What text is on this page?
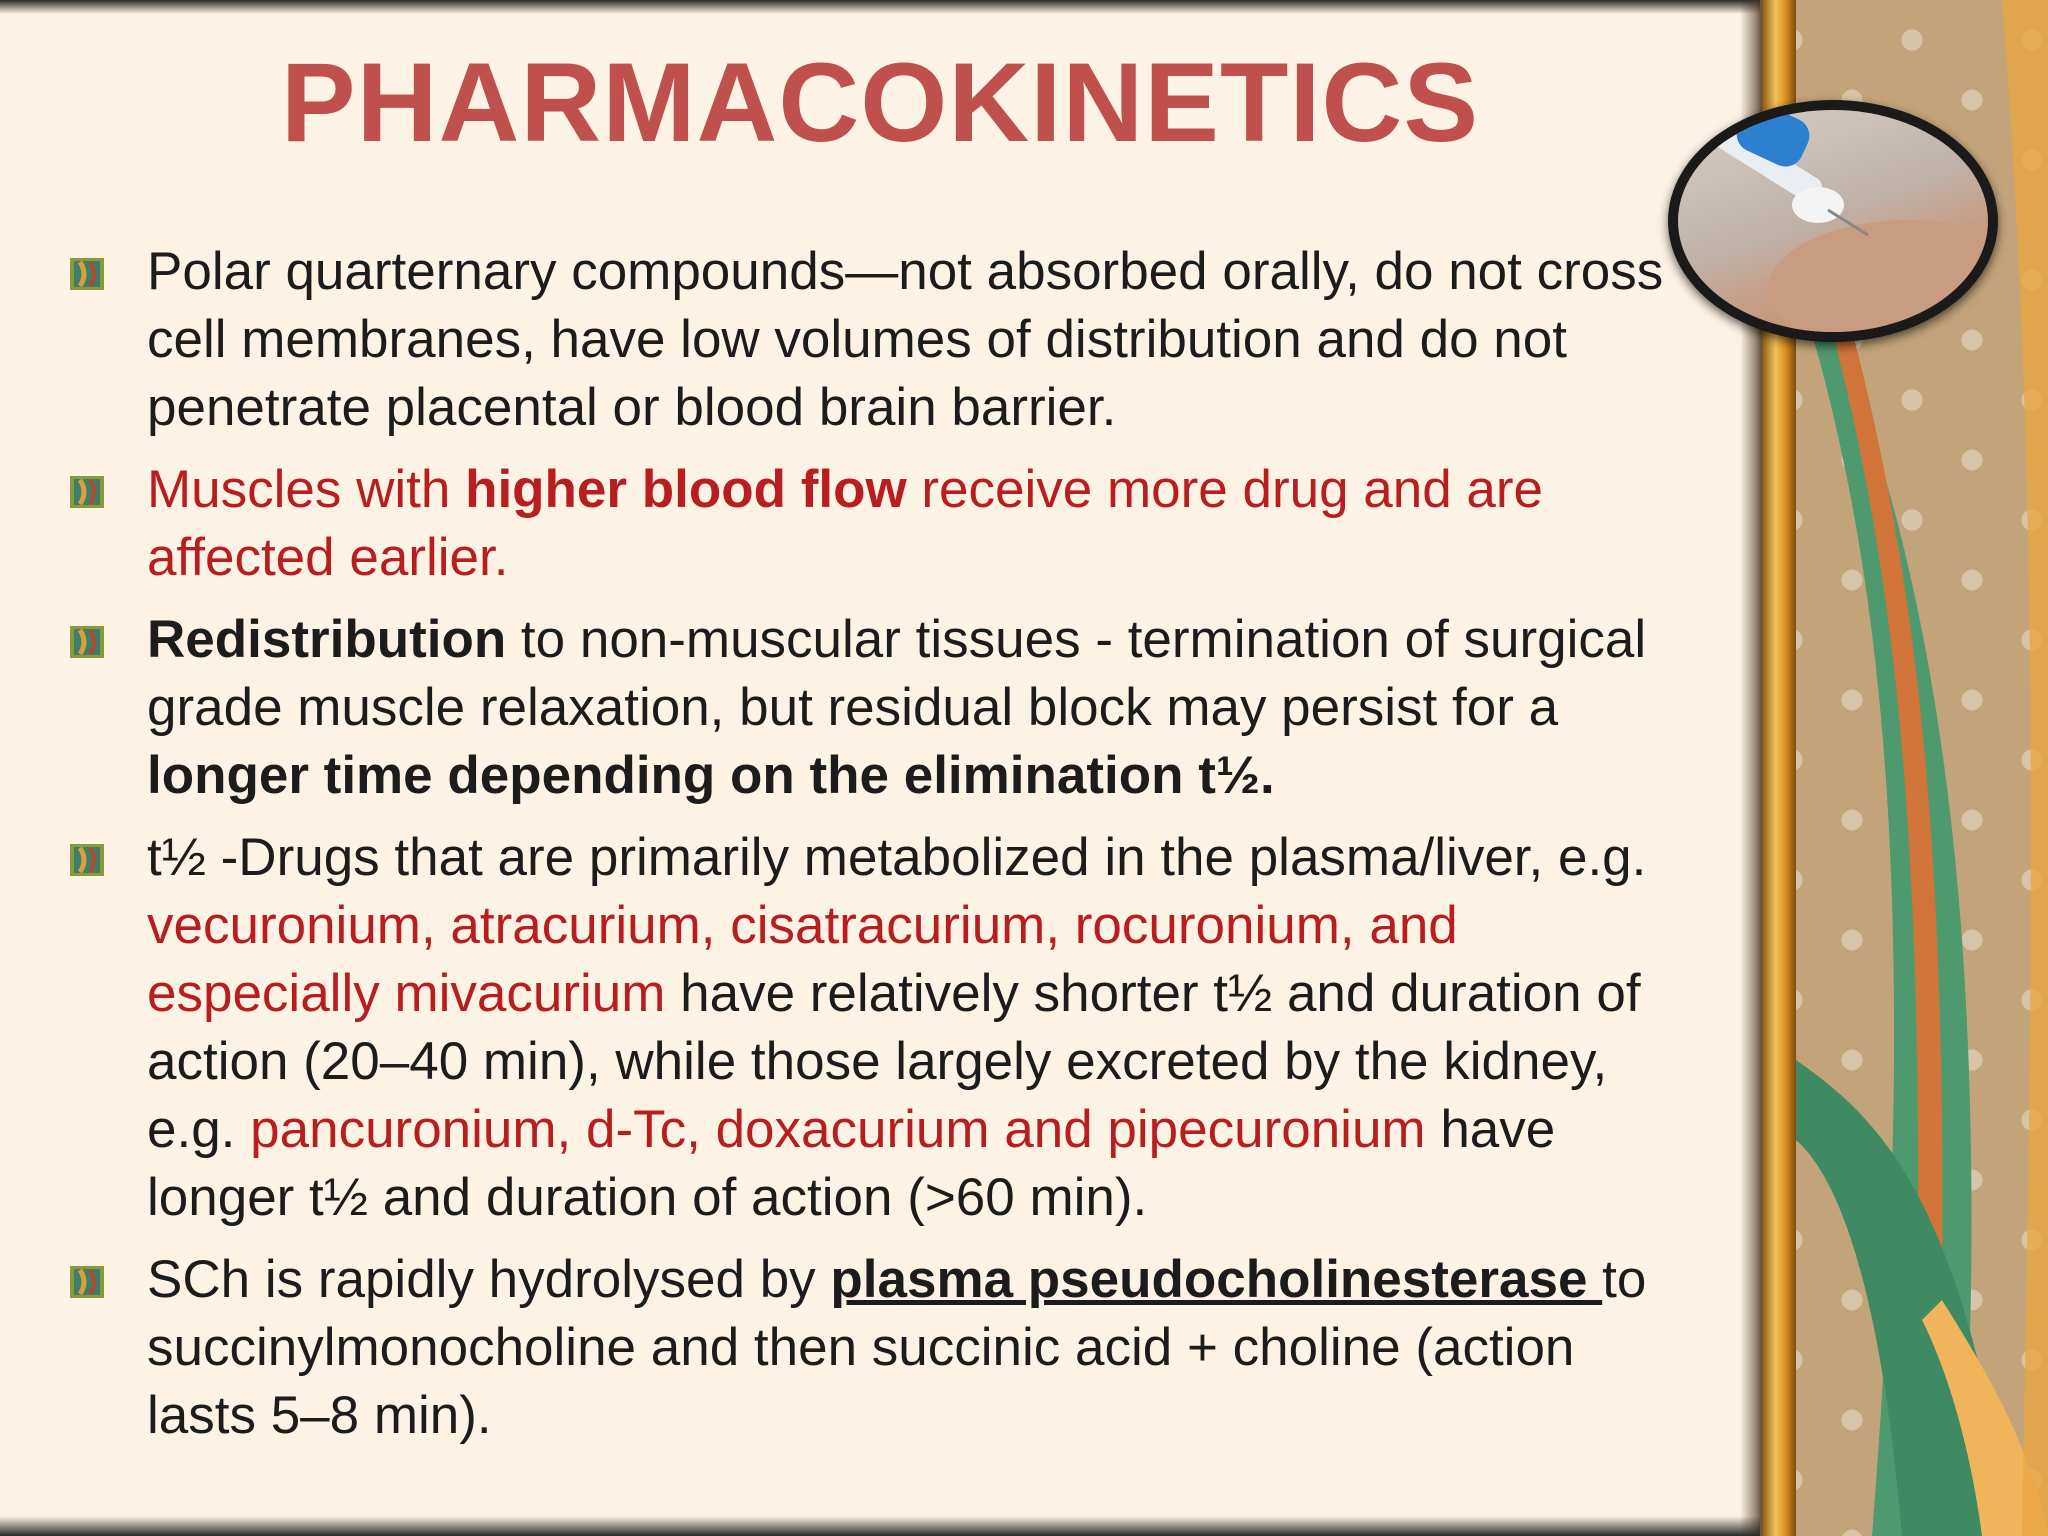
PHARMACOKINETICS
Polar quarternary compounds—not absorbed orally, do not cross cell membranes, have low volumes of distribution and do not penetrate placental or blood brain barrier.
Muscles with higher blood flow receive more drug and are affected earlier.
Redistribution to non-muscular tissues - termination of surgical grade muscle relaxation, but residual block may persist for a longer time depending on the elimination t½.
t½ -Drugs that are primarily metabolized in the plasma/liver, e.g. vecuronium, atracurium, cisatracurium, rocuronium, and especially mivacurium have relatively shorter t½ and duration of action (20–40 min), while those largely excreted by the kidney, e.g. pancuronium, d-Tc, doxacurium and pipecuronium have longer t½ and duration of action (>60 min).
SCh is rapidly hydrolysed by plasma pseudocholinesterase to succinylmonocholine and then succinic acid + choline (action lasts 5–8 min).
